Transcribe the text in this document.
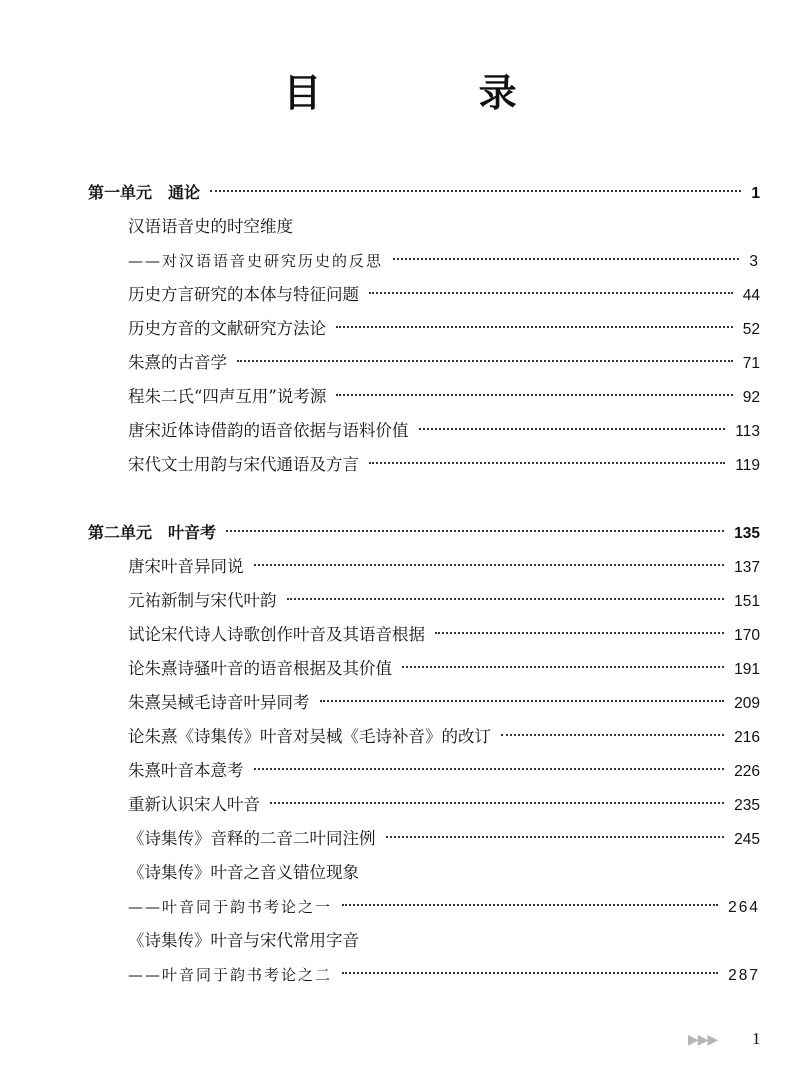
目 录
第一单元 通论	1
汉语语音史的时空维度
——对汉语语音史研究历史的反思	3
历史方言研究的本体与特征问题	44
历史方音的文献研究方法论	52
朱熹的古音学	71
程朱二氏“四声互用”说考源	92
唐宋近体诗借韵的语音依据与语料价值	113
宋代文士用韵与宋代通语及方言	119
第二单元 叶音考	135
唐宋叶音异同说	137
元祐新制与宋代叶韵	151
试论宋代诗人诗歌创作叶音及其语音根据	170
论朱熹诗骚叶音的语音根据及其价值	191
朱熹吴棫毛诗音叶异同考	209
论朱熹《诗集传》叶音对吴棫《毛诗补音》的改订	216
朱熹叶音本意考	226
重新认识宋人叶音	235
《诗集传》音释的二音二叶同注例	245
《诗集传》叶音之音义错位现象
——叶音同于韵书考论之一	264
《诗集传》叶音与宋代常用字音
——叶音同于韵书考论之二	287
▶▶▶ 1
